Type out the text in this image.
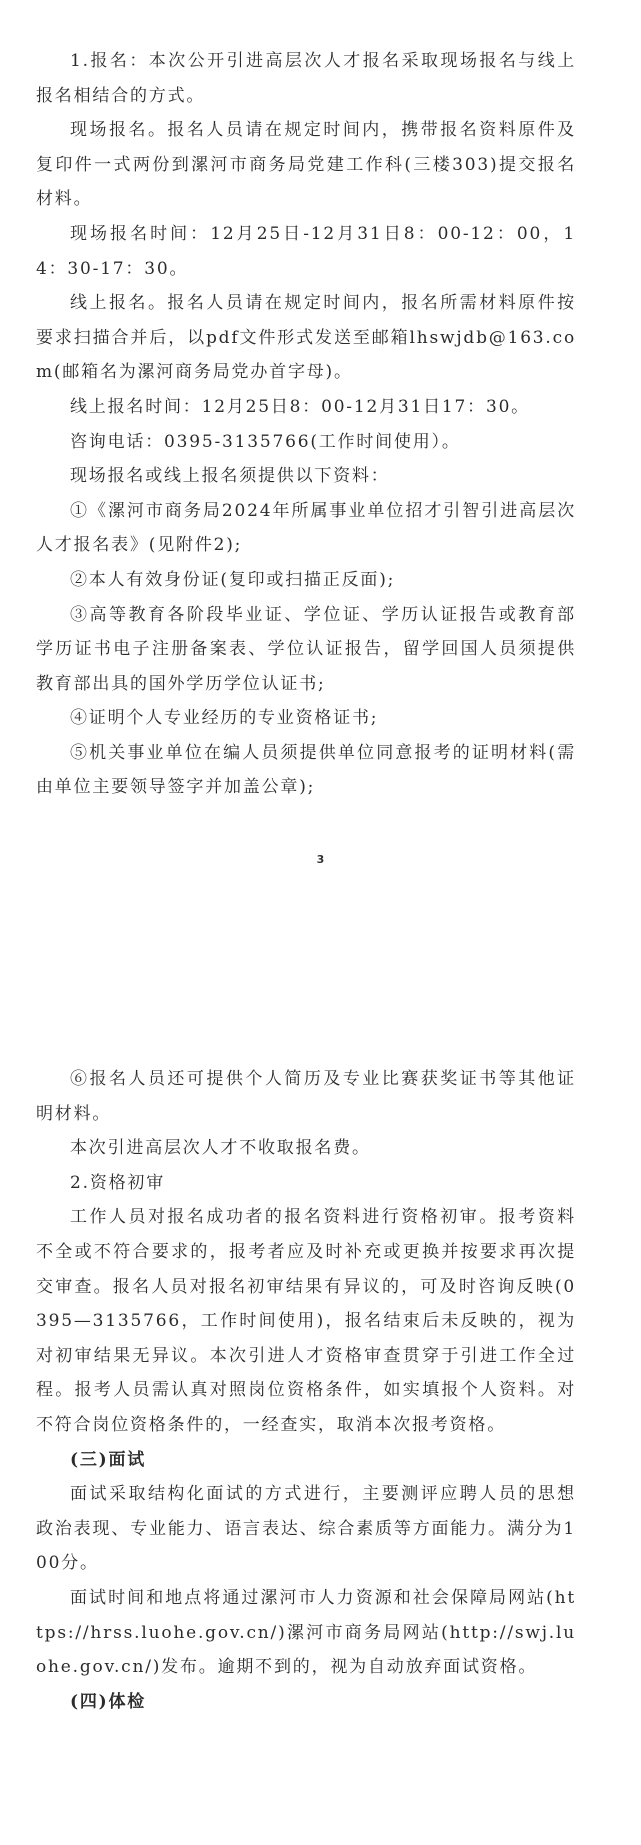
1.报名：本次公开引进高层次人才报名采取现场报名与线上报名相结合的方式。

现场报名。报名人员请在规定时间内，携带报名资料原件及复印件一式两份到漯河市商务局党建工作科(三楼303)提交报名材料。

现场报名时间：12月25日-12月31日8：00-12：00，14：30-17：30。

线上报名。报名人员请在规定时间内，报名所需材料原件按要求扫描合并后，以pdf文件形式发送至邮箱lhswjdb@163.com(邮箱名为漯河商务局党办首字母)。

线上报名时间：12月25日8：00-12月31日17：30。

咨询电话：0395-3135766(工作时间使用）。

现场报名或线上报名须提供以下资料：

①《漯河市商务局2024年所属事业单位招才引智引进高层次人才报名表》(见附件2);

②本人有效身份证(复印或扫描正反面);

③高等教育各阶段毕业证、学位证、学历认证报告或教育部学历证书电子注册备案表、学位认证报告，留学回国人员须提供教育部出具的国外学历学位认证书;

④证明个人专业经历的专业资格证书;

⑤机关事业单位在编人员须提供单位同意报考的证明材料(需由单位主要领导签字并加盖公章);

3

⑥报名人员还可提供个人简历及专业比赛获奖证书等其他证明材料。

本次引进高层次人才不收取报名费。

2.资格初审

工作人员对报名成功者的报名资料进行资格初审。报考资料不全或不符合要求的，报考者应及时补充或更换并按要求再次提交审查。报名人员对报名初审结果有异议的，可及时咨询反映(0395—3135766，工作时间使用)，报名结束后未反映的，视为对初审结果无异议。本次引进人才资格审查贯穿于引进工作全过程。报考人员需认真对照岗位资格条件，如实填报个人资料。对不符合岗位资格条件的，一经查实，取消本次报考资格。

(三)面试

面试采取结构化面试的方式进行，主要测评应聘人员的思想政治表现、专业能力、语言表达、综合素质等方面能力。满分为100分。

面试时间和地点将通过漯河市人力资源和社会保障局网站(https://hrss.luohe.gov.cn/)漯河市商务局网站(http://swj.luohe.gov.cn/)发布。逾期不到的，视为自动放弃面试资格。

(四)体检
